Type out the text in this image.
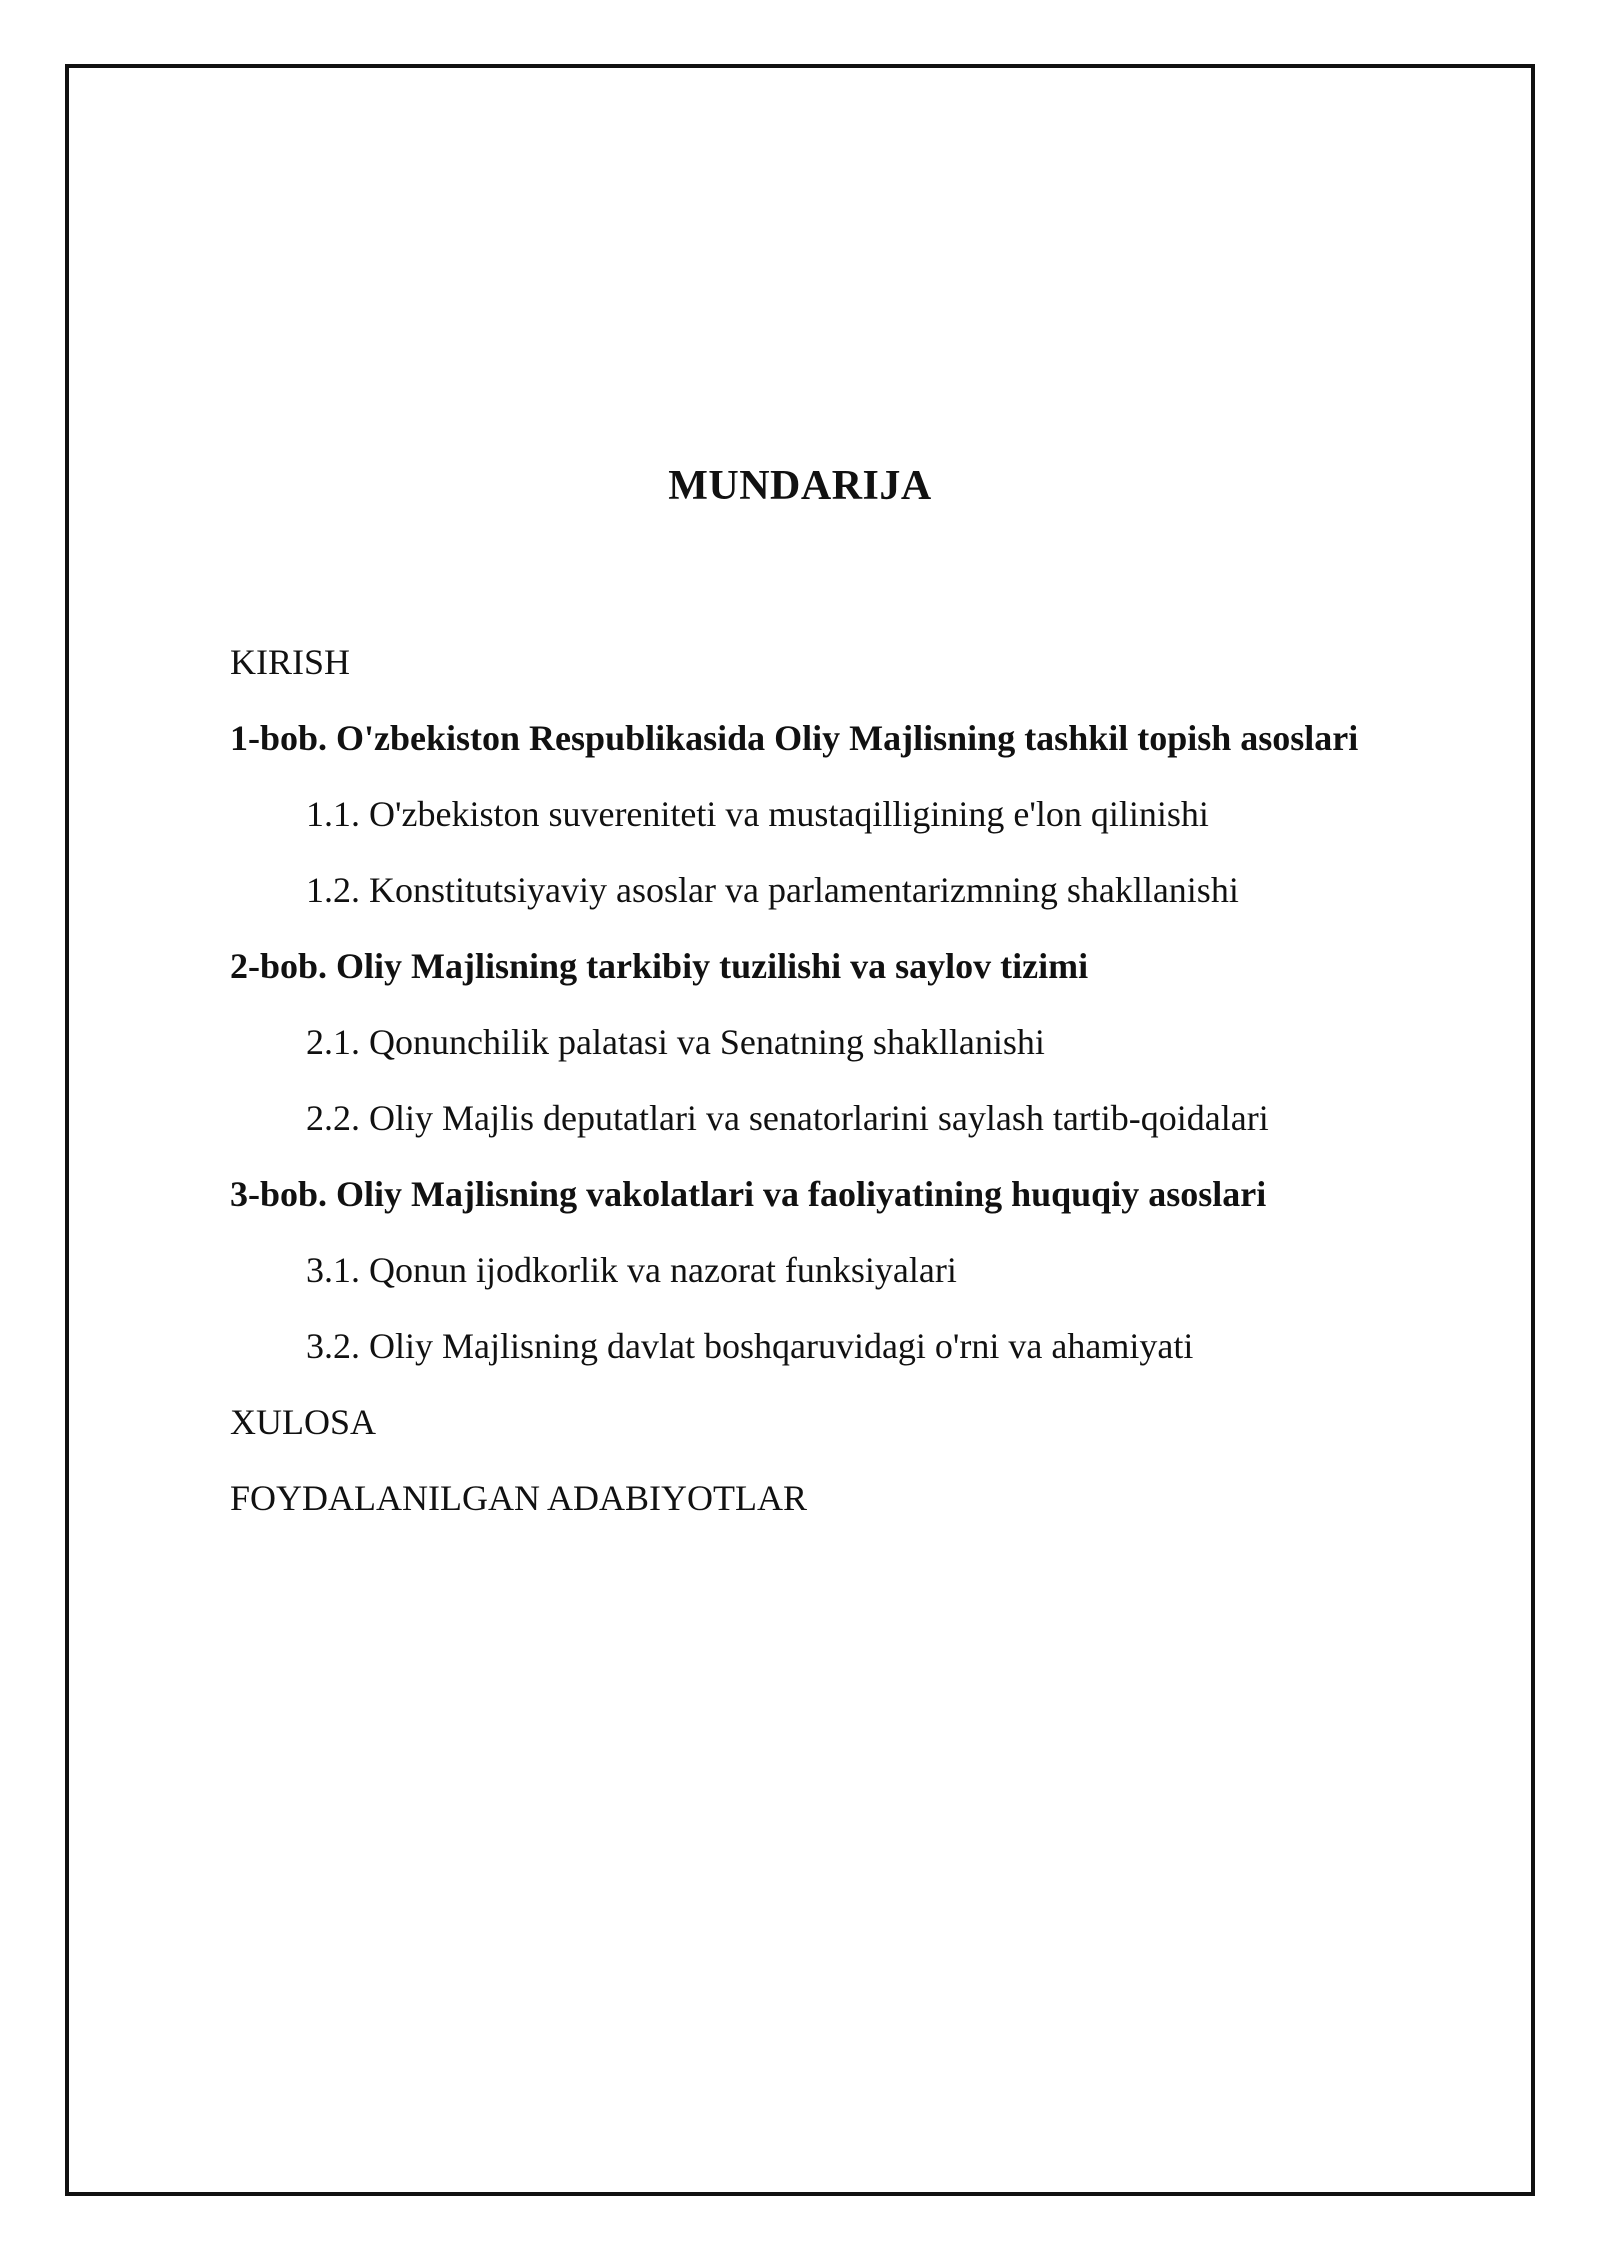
MUNDARIJA
KIRISH
1-bob. O'zbekiston Respublikasida Oliy Majlisning tashkil topish asoslari
1.1. O'zbekiston suvereniteti va mustaqilligining e'lon qilinishi
1.2. Konstitutsiyaviy asoslar va parlamentarizmning shakllanishi
2-bob. Oliy Majlisning tarkibiy tuzilishi va saylov tizimi
2.1. Qonunchilik palatasi va Senatning shakllanishi
2.2. Oliy Majlis deputatlari va senatorlarini saylash tartib-qoidalari
3-bob. Oliy Majlisning vakolatlari va faoliyatining huquqiy asoslari
3.1. Qonun ijodkorlik va nazorat funksiyalari
3.2. Oliy Majlisning davlat boshqaruvidagi o'rni va ahamiyati
XULOSA
FOYDALANILGAN ADABIYOTLAR
